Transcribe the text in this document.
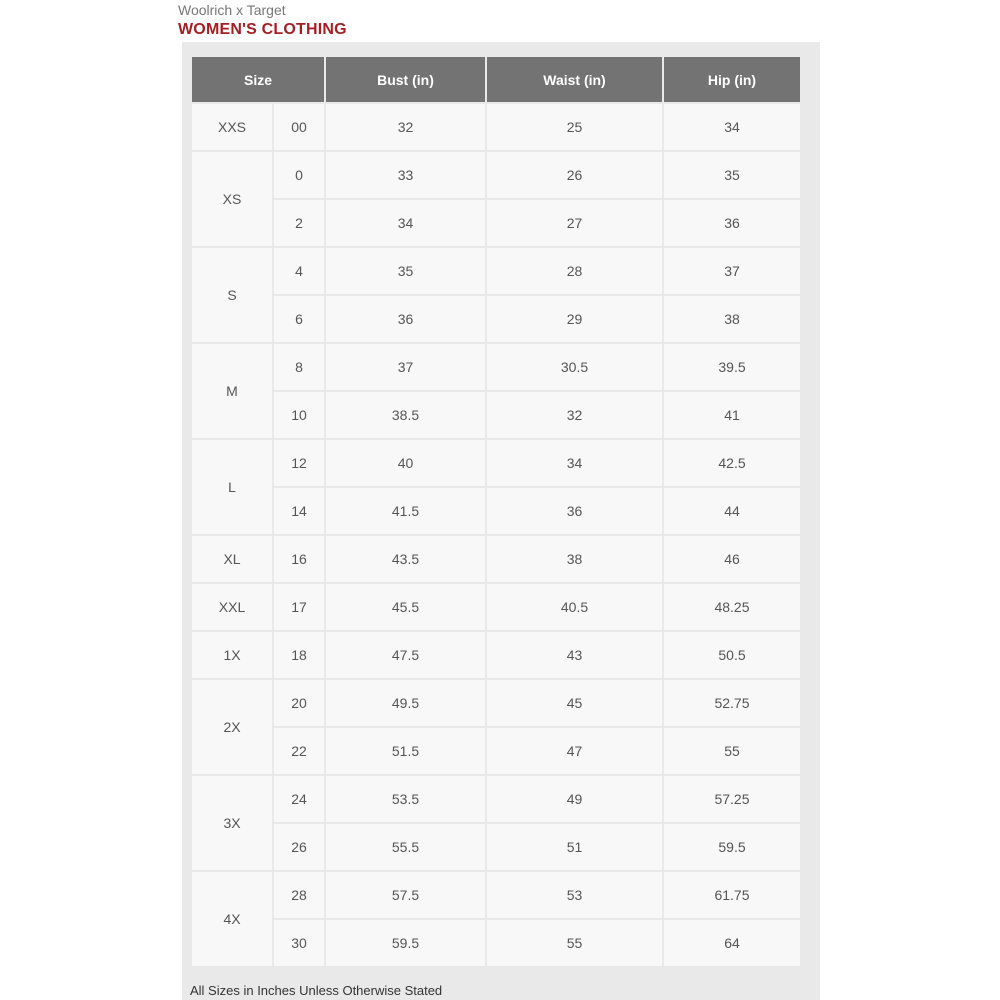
Woolrich x Target
WOMEN'S CLOTHING
Size		Bust (in)	Waist (in)	Hip (in)
XXS	00	32	25	34
XS	0	33	26	35
	2	34	27	36
S	4	35	28	37
	6	36	29	38
M	8	37	30.5	39.5
	10	38.5	32	41
L	12	40	34	42.5
	14	41.5	36	44
XL	16	43.5	38	46
XXL	17	45.5	40.5	48.25
1X	18	47.5	43	50.5
2X	20	49.5	45	52.75
	22	51.5	47	55
3X	24	53.5	49	57.25
	26	55.5	51	59.5
4X	28	57.5	53	61.75
	30	59.5	55	64
All Sizes in Inches Unless Otherwise Stated
